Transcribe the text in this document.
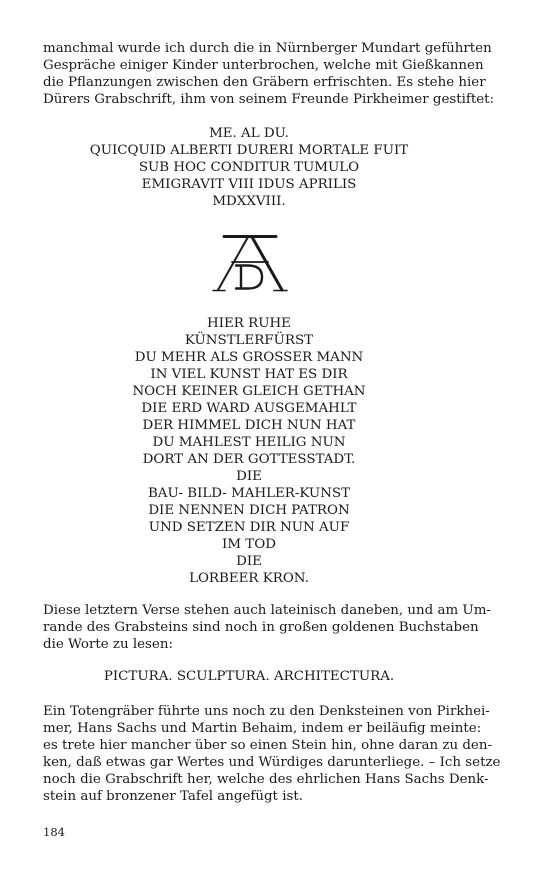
manchmal wurde ich durch die in Nürnberger Mundart geführten
Gespräche einiger Kinder unterbrochen, welche mit Gießkannen
die Pflanzungen zwischen den Gräbern erfrischten. Es stehe hier
Dürers Grabschrift, ihm von seinem Freunde Pirkheimer gestiftet:

ME. AL DU.
QUICQUID ALBERTI DURERI MORTALE FUIT
SUB HOC CONDITUR TUMULO
EMIGRAVIT VIII IDUS APRILIS
MDXXVIII.
HIER RUHE
KÜNSTLERFÜRST
DU MEHR ALS GROSSER MANN
IN VIEL KUNST HAT ES DIR
NOCH KEINER GLEICH GETHAN
DIE ERD WARD AUSGEMAHLT
DER HIMMEL DICH NUN HAT
DU MAHLEST HEILIG NUN
DORT AN DER GOTTESSTADT.
DIE
BAU- BILD- MAHLER-KUNST
DIE NENNEN DICH PATRON
UND SETZEN DIR NUN AUF
IM TOD
DIE
LORBEER KRON.

Diese letztern Verse stehen auch lateinisch daneben, und am Um-
rande des Grabsteins sind noch in großen goldenen Buchstaben
die Worte zu lesen:

PICTURA. SCULPTURA. ARCHITECTURA.

Ein Totengräber führte uns noch zu den Denksteinen von Pirkhei-
mer, Hans Sachs und Martin Behaim, indem er beiläufig meinte:
es trete hier mancher über so einen Stein hin, ohne daran zu den-
ken, daß etwas gar Wertes und Würdiges darunterliege. – Ich setze
noch die Grabschrift her, welche des ehrlichen Hans Sachs Denk-
stein auf bronzener Tafel angefügt ist.

184
